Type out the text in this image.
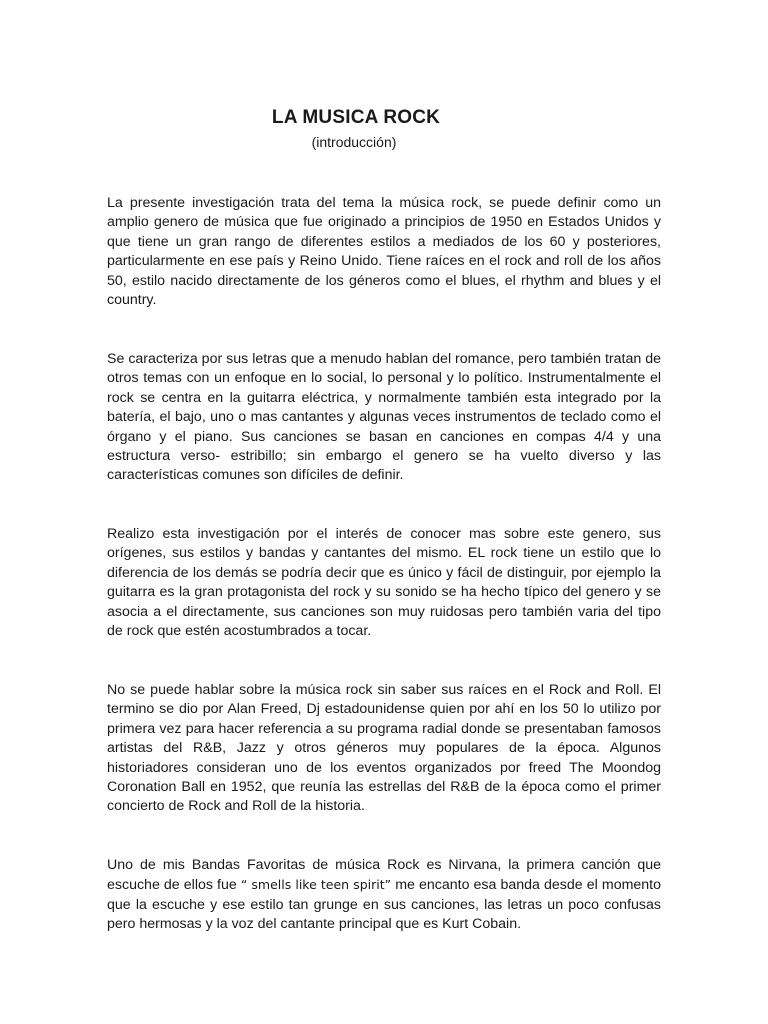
LA MUSICA ROCK

(introducción)

La presente investigación trata del tema la música rock, se puede definir como un amplio genero de música que fue originado a principios de 1950 en Estados Unidos y que tiene un gran rango de diferentes estilos a mediados de los 60 y posteriores, particularmente en ese país y Reino Unido. Tiene raíces en el rock and roll de los años 50, estilo nacido directamente de los géneros como el blues, el rhythm and blues y el country.

Se caracteriza por sus letras que a menudo hablan del romance, pero también tratan de otros temas con un enfoque en lo social, lo personal y lo político. Instrumentalmente el rock se centra en la guitarra eléctrica, y normalmente también esta integrado por la batería, el bajo, uno o mas cantantes y algunas veces instrumentos de teclado como el órgano y el piano. Sus canciones se basan en canciones en compas 4/4 y una estructura verso- estribillo; sin embargo el genero se ha vuelto diverso y las características comunes son difíciles de definir.

Realizo esta investigación por el interés de conocer mas sobre este genero, sus orígenes, sus estilos y bandas y cantantes del mismo. EL rock tiene un estilo que lo diferencia de los demás se podría decir que es único y fácil de distinguir, por ejemplo la guitarra es la gran protagonista del rock y su sonido se ha hecho típico del genero y se asocia a el directamente, sus canciones son muy ruidosas pero también varia del tipo de rock que estén acostumbrados a tocar.

No se puede hablar sobre la música rock sin saber sus raíces en el Rock and Roll. El termino se dio por Alan Freed, Dj estadounidense quien por ahí en los 50 lo utilizo por primera vez para hacer referencia a su programa radial donde se presentaban famosos artistas del R&B, Jazz y otros géneros muy populares de la época. Algunos historiadores consideran uno de los eventos organizados por freed The Moondog Coronation Ball en 1952, que reunía las estrellas del R&B de la época como el primer concierto de Rock and Roll de la historia.

Uno de mis Bandas Favoritas de música Rock es Nirvana, la primera canción que escuche de ellos fue “ smells like teen spirit” me encanto esa banda desde el momento que la escuche y ese estilo tan grunge en sus canciones, las letras un poco confusas pero hermosas y la voz del cantante principal que es Kurt Cobain.
